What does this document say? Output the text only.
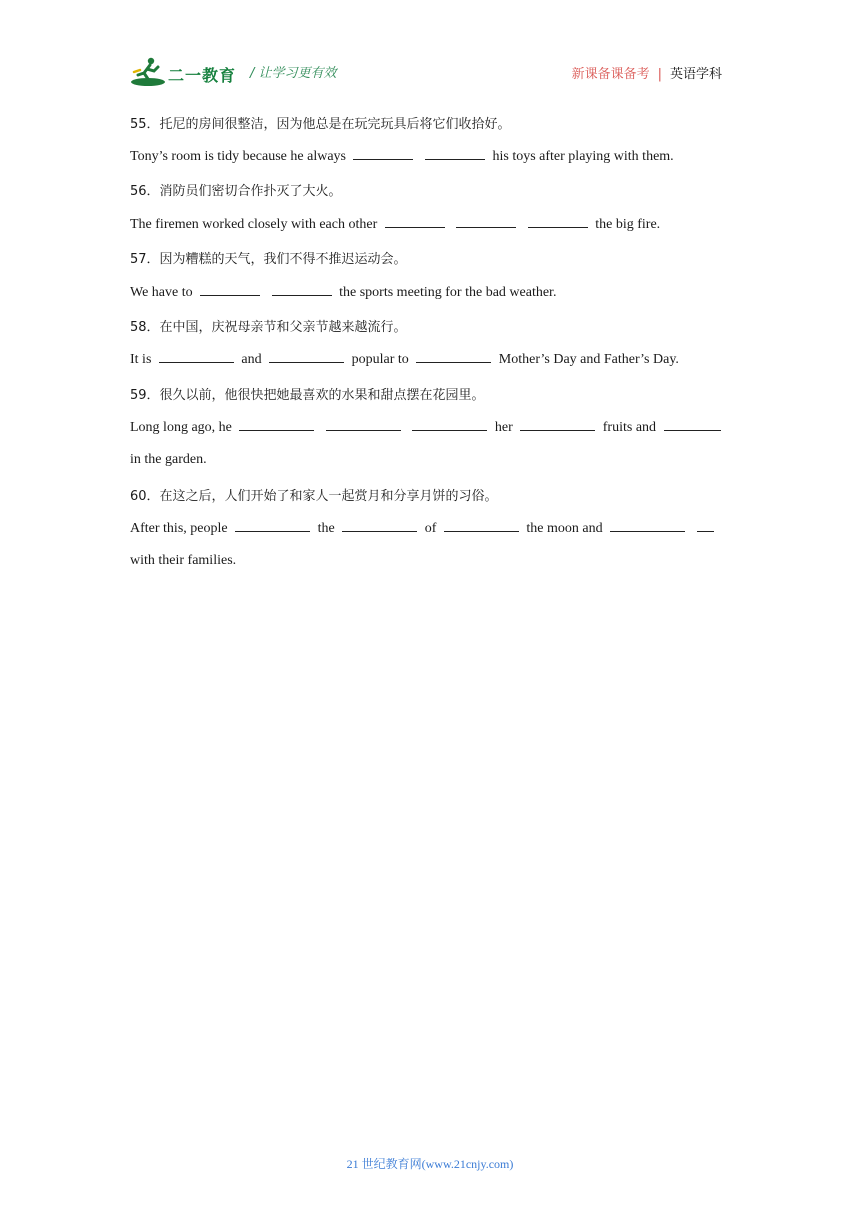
二一教育 / 让学习更有效	新课备课备考 | 英语学科
55．托尼的房间很整洁，因为他总是在玩完玩具后将它们收拾好。
Tony’s room is tidy because he always	his toys after playing with them.
56．消防员们密切合作扑灭了大火。
The firemen worked closely with each other	the big fire.
57．因为糟糕的天气，我们不得不推迟运动会。
We have to	the sports meeting for the bad weather.
58．在中国，庆祝母亲节和父亲节越来越流行。
It is	and	popular to	Mother’s Day and Father’s Day.
59．很久以前，他很快把她最喜欢的水果和甜点摆在花园里。
Long long ago, he	her	fruits and
in the garden.
60．在这之后，人们开始了和家人一起赏月和分享月饼的习俗。
After this, people	the	of	the moon and
with their families.
21 世纪教育网(www.21cnjy.com)
